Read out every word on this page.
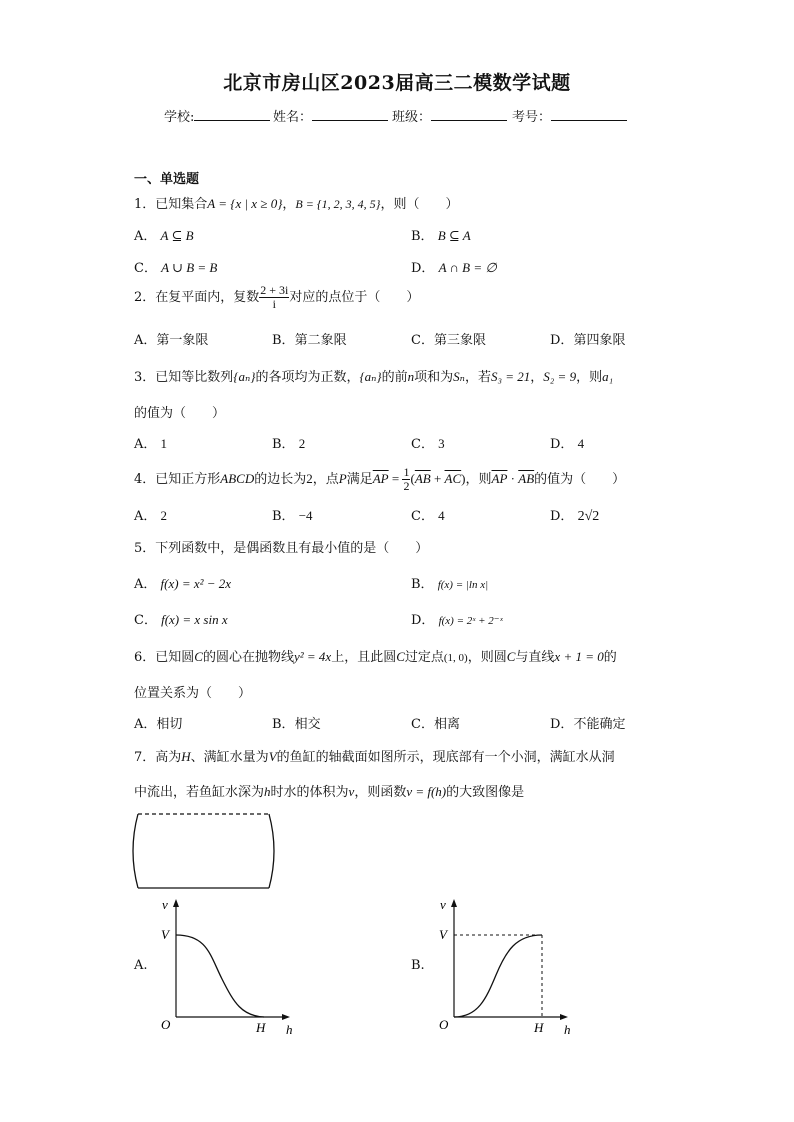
北京市房山区2023届高三二模数学试题
学校:	姓名：	班级：	考号：
一、单选题
1．已知集合A = {x | x ≥ 0}，B = {1, 2, 3, 4, 5}，则（　　）
A． A ⊆ B	B． B ⊆ A
C． A ∪ B = B	D． A ∩ B = ∅
2．在复平面内，复数 $\frac{2 + 3i}{i}$ 对应的点位于（　　）
A．第一象限	B．第二象限	C．第三象限	D．第四象限
3．已知等比数列{aₙ}的各项均为正数，{aₙ}的前n项和为Sₙ，若S₃ = 21，S₂ = 9，则a₁
的值为（　　）
A． 1	B． 2	C． 3	D． 4
4．已知正方形ABCD的边长为2，点P满足$\overline{AP} = \frac{1}{2} (\overline{AB} + \overline{AC})$，则$\overline{AP} \cdot \overline{AB}$的值为（　　）
A． 2	B． −4	C． 4	D． 2√2
5．下列函数中，是偶函数且有最小值的是（　　）
A． f(x) = x² − 2x	B． f(x) = |ln x|
C． f(x) = x sin x	D． f(x) = 2ˣ + 2⁻ˣ
6．已知圆C的圆心在抛物线y² = 4x上，且此圆C过定点(1, 0)，则圆C与直线x + 1 = 0的
位置关系为（　　）
A．相切	B．相交	C．相离	D．不能确定
7．高为H、满缸水量为V的鱼缸的轴截面如图所示，现底部有一个小洞，满缸水从洞
中流出，若鱼缸水深为h时水的体积为v，则函数v = f(h)的大致图像是
A.
v
V
O	H h
B.
v
V
O	H h
